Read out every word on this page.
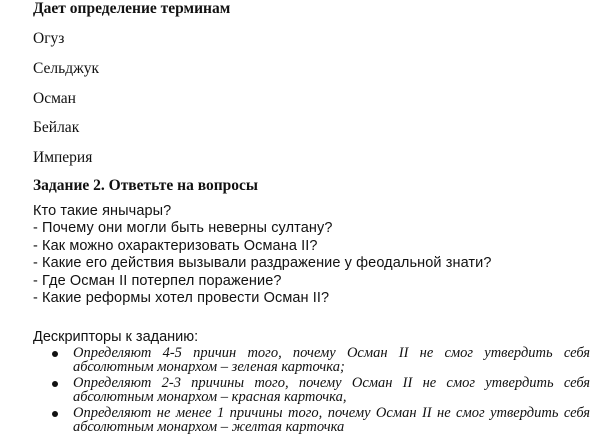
Дает определение терминам
Огуз
Сельджук
Осман
Бейлак
Империя
Задание 2. Ответьте на вопросы
Кто такие янычары?
- Почему они могли быть неверны султану?
- Как можно охарактеризовать Османа II?
- Какие его действия вызывали раздражение у феодальной знати?
- Где Осман II потерпел поражение?
- Какие реформы хотел провести Осман II?
Дескрипторы к заданию:
Определяют 4-5 причин того, почему Осман II не смог утвердить себя абсолютным монархом – зеленая карточка;
Определяют 2-3 причины того, почему Осман II не смог утвердить себя абсолютным монархом – красная карточка,
Определяют не менее 1 причины того, почему Осман II не смог утвердить себя абсолютным монархом – желтая карточка
